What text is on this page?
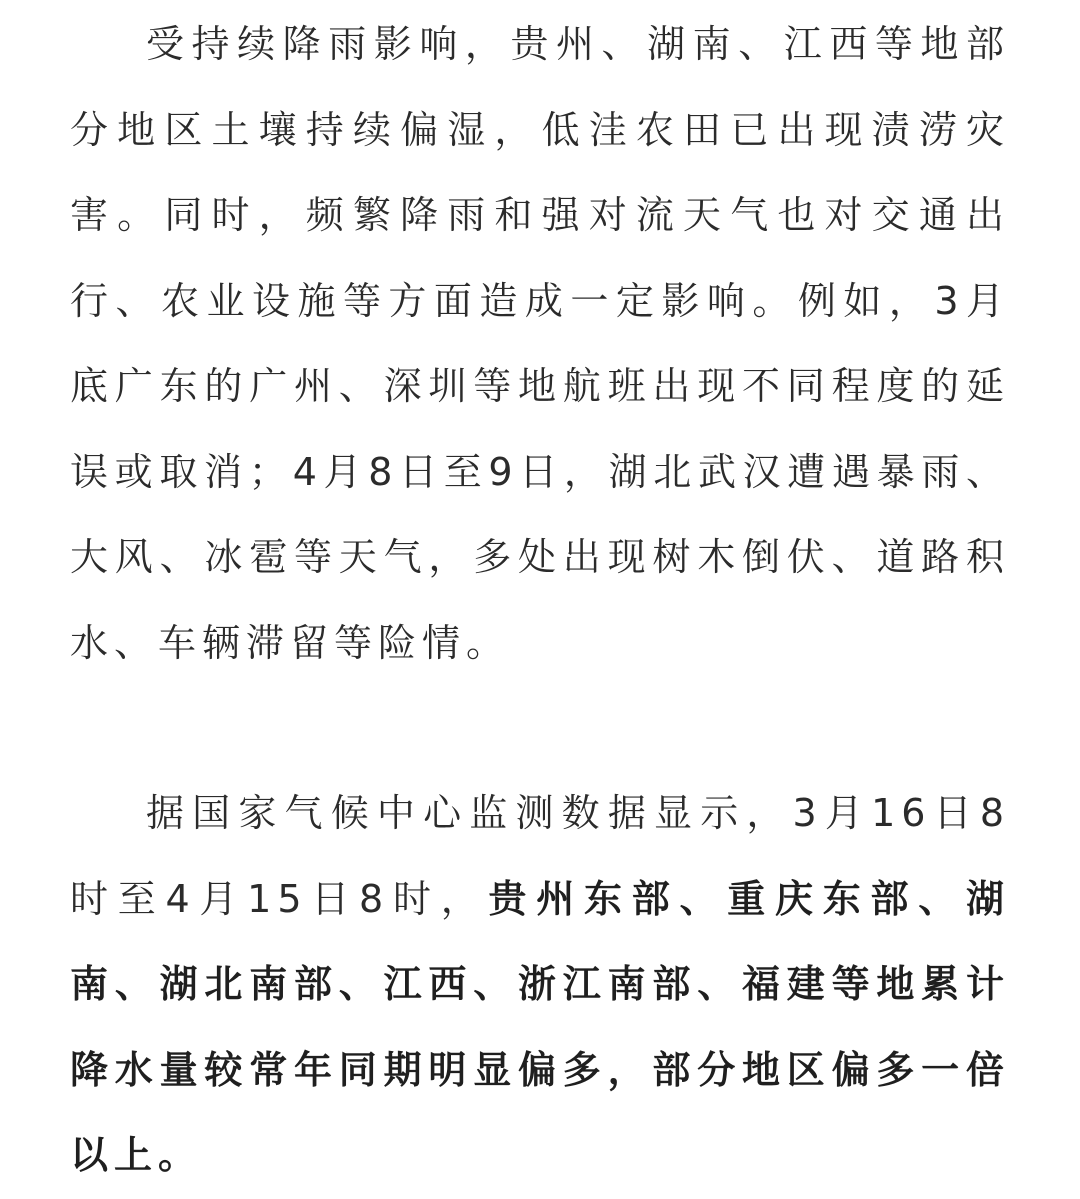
受持续降雨影响，贵州、湖南、江西等地部分地区土壤持续偏湿，低洼农田已出现渍涝灾害。同时，频繁降雨和强对流天气也对交通出行、农业设施等方面造成一定影响。例如，3月底广东的广州、深圳等地航班出现不同程度的延误或取消；4月8日至9日，湖北武汉遭遇暴雨、大风、冰雹等天气，多处出现树木倒伏、道路积水、车辆滞留等险情。

据国家气候中心监测数据显示，3月16日8时至4月15日8时，贵州东部、重庆东部、湖南、湖北南部、江西、浙江南部、福建等地累计降水量较常年同期明显偏多，部分地区偏多一倍以上。
